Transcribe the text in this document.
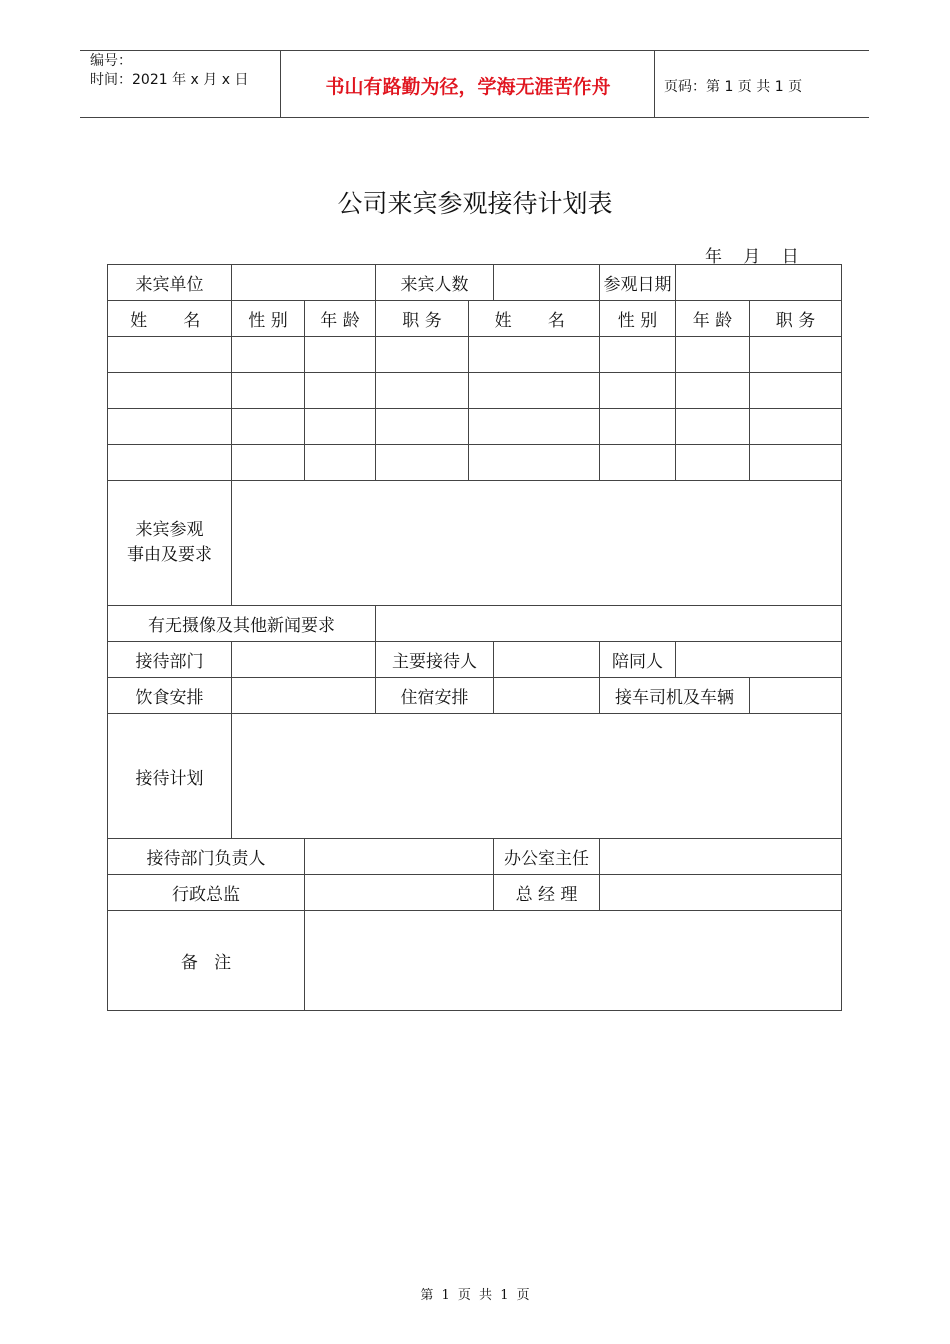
编号：
时间：2021 年 x 月 x 日	书山有路勤为径，学海无涯苦作舟	页码：第 1 页 共 1 页
公司来宾参观接待计划表
年 月 日
来宾单位			来宾人数			参观日期		
姓  名	性 别	年 龄	职 务	姓  名		性 别	年 龄	职 务

来宾参观
事由及要求								

有无摄像及其他新闻要求								
接待部门			主要接待人			陪同人		
饮食安排			住宿安排			接车司机及车辆		
接待计划								
接待部门负责人					办公室主任			
行政总监					总 经 理			
备   注								
第 1 页 共 1 页
